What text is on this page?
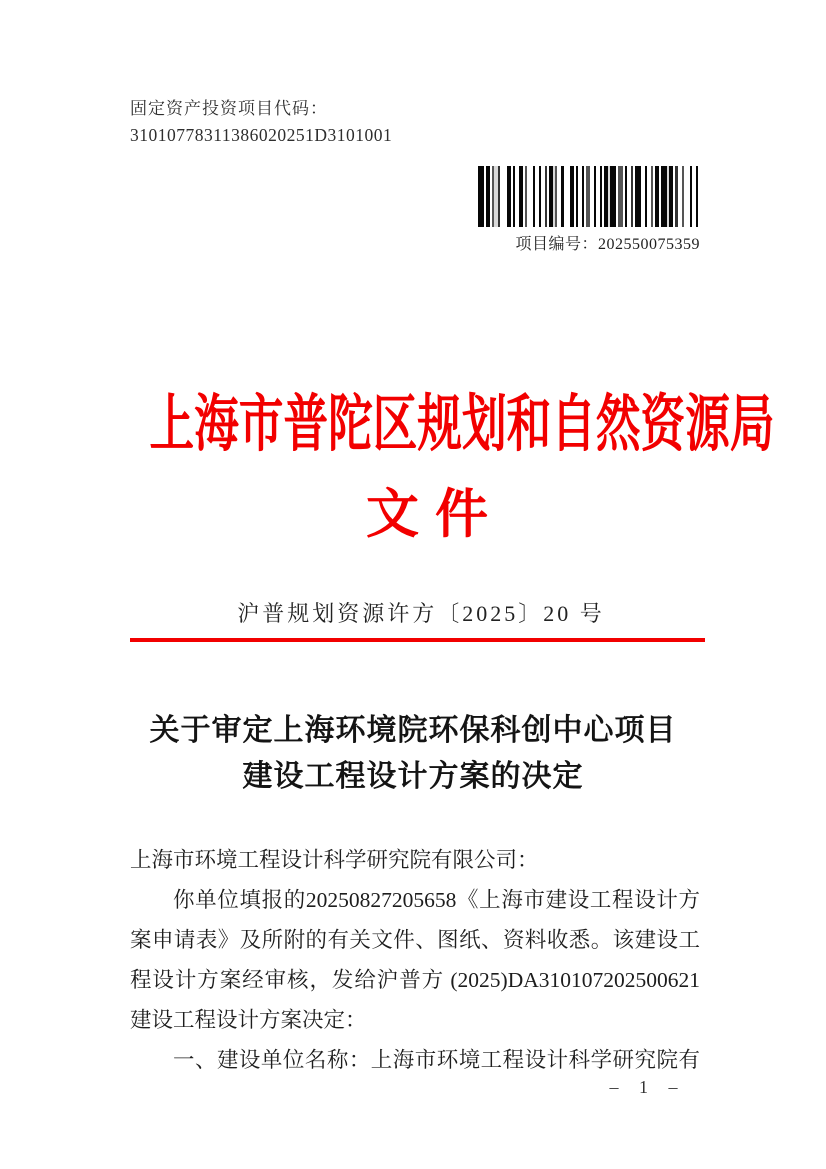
固定资产投资项目代码：
31010778311386020251D3101001
项目编号：202550075359
上海市普陀区规划和自然资源局
文件
沪普规划资源许方〔2025〕20 号
关于审定上海环境院环保科创中心项目
建设工程设计方案的决定
上海市环境工程设计科学研究院有限公司：
你单位填报的20250827205658《上海市建设工程设计方
案申请表》及所附的有关文件、图纸、资料收悉。该建设工
程设计方案经审核，发给沪普方 (2025)DA310107202500621
建设工程设计方案决定：
一、建设单位名称：上海市环境工程设计科学研究院有
– 1 –
